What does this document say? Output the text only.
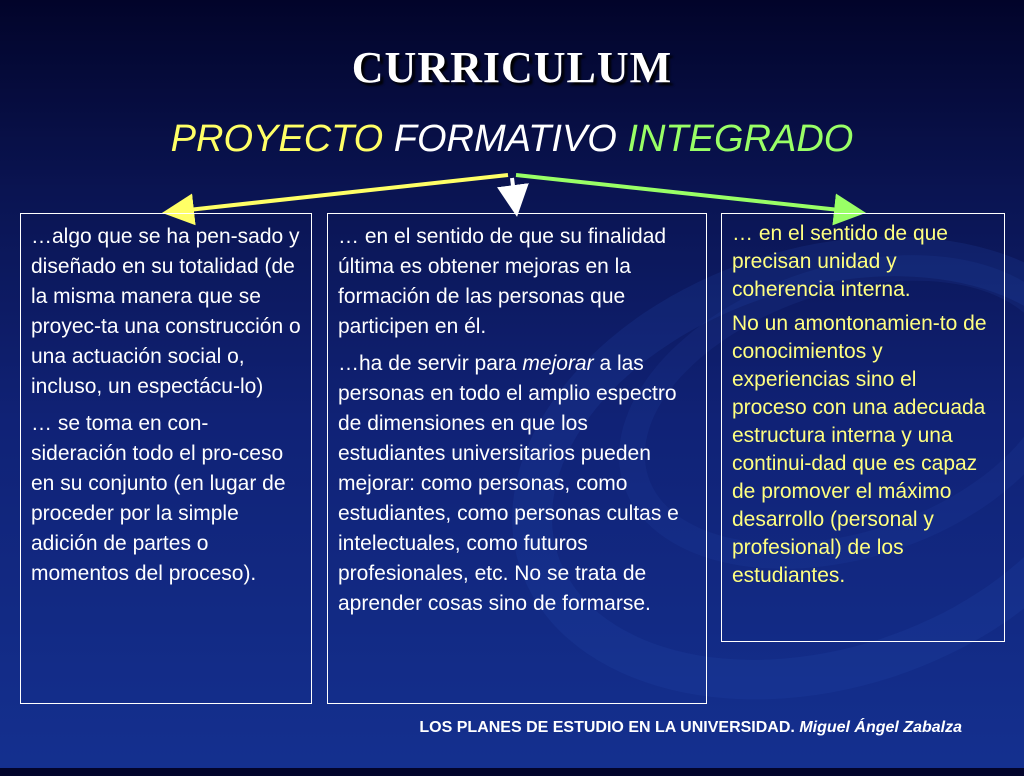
CURRICULUM
PROYECTO FORMATIVO INTEGRADO

…algo que se ha pen-sado y diseñado en su totalidad (de la misma manera que se proyec-ta una construcción o una actuación social o, incluso, un espectácu-lo)

… se toma en con-sideración todo el pro-ceso en su conjunto (en lugar de proceder por la simple adición de partes o momentos del proceso).

… en el sentido de que su finalidad última es obtener mejoras en la formación de las personas que participen en él.

…ha de servir para mejorar a las personas en todo el amplio espectro de dimensiones en que los estudiantes universitarios pueden mejorar: como personas, como estudiantes, como personas cultas e intelectuales, como futuros profesionales, etc. No se trata de aprender cosas sino de formarse.

… en el sentido de que precisan unidad y coherencia interna.

No un amontonamien-to de conocimientos y experiencias sino el proceso con una adecuada estructura interna y una continui-dad que es capaz de promover el máximo desarrollo (personal y profesional) de los estudiantes.

LOS PLANES DE ESTUDIO EN LA UNIVERSIDAD. Miguel Ángel Zabalza
